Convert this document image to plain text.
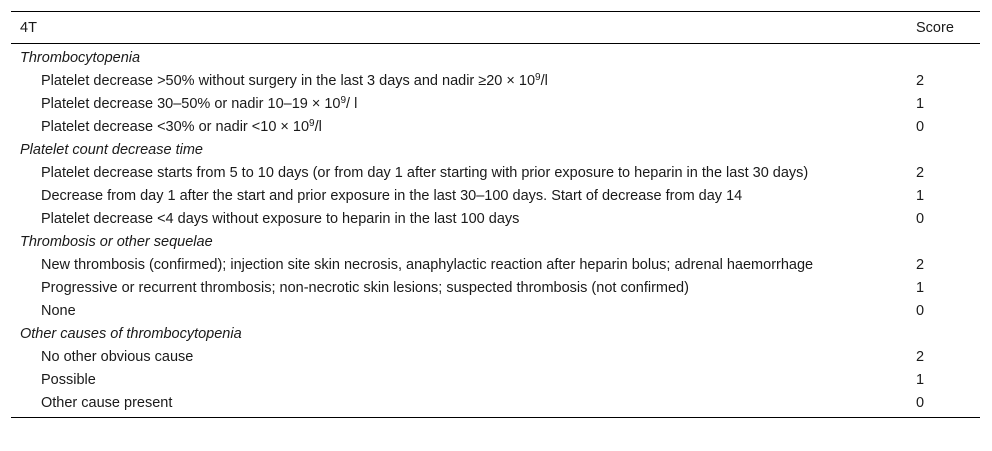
4T	Score
Thrombocytopenia	
Platelet decrease >50% without surgery in the last 3 days and nadir $\ge 20 \times 10^9/l$	2
Platelet decrease 30–50% or nadir $10-19 \times 10^9/$ l	1
Platelet decrease <30% or nadir $<10 \times 10^9/l$	0
Platelet count decrease time	
Platelet decrease starts from 5 to 10 days (or from day 1 after starting with prior exposure to heparin in the last 30 days)	2
Decrease from day 1 after the start and prior exposure in the last 30–100 days. Start of decrease from day 14	1
Platelet decrease <4 days without exposure to heparin in the last 100 days	0
Thrombosis or other sequelae	
New thrombosis (confirmed); injection site skin necrosis, anaphylactic reaction after heparin bolus; adrenal haemorrhage	2
Progressive or recurrent thrombosis; non-necrotic skin lesions; suspected thrombosis (not confirmed)	1
None	0
Other causes of thrombocytopenia	
No other obvious cause	2
Possible	1
Other cause present	0
